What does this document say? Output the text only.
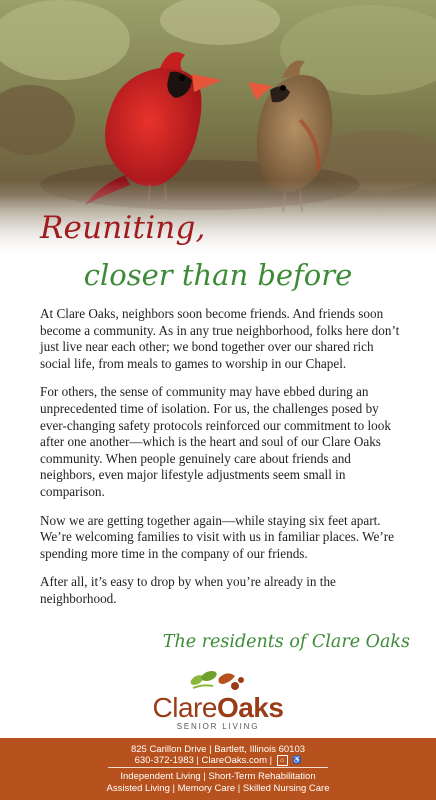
Reuniting,
closer than before

At Clare Oaks, neighbors soon become friends. And friends soon become a community. As in any true neighborhood, folks here don’t just live near each other; we bond together over our shared rich social life, from meals to games to worship in our Chapel.

For others, the sense of community may have ebbed during an unprecedented time of isolation. For us, the challenges posed by ever-changing safety protocols reinforced our commitment to look after one another—which is the heart and soul of our Clare Oaks community. When people genuinely care about friends and neighbors, even major lifestyle adjustments seem small in comparison.

Now we are getting together again—while staying six feet apart. We’re welcoming families to visit with us in familiar places. We’re spending more time in the company of our friends.

After all, it’s easy to drop by when you’re already in the neighborhood.

The residents of Clare Oaks
ClareOaks
SENIOR LIVING
825 Carillon Drive | Bartlett, Illinois 60103
630-372-1983 | ClareOaks.com | ⌂ ♿
Independent Living | Short-Term Rehabilitation
Assisted Living | Memory Care | Skilled Nursing Care
